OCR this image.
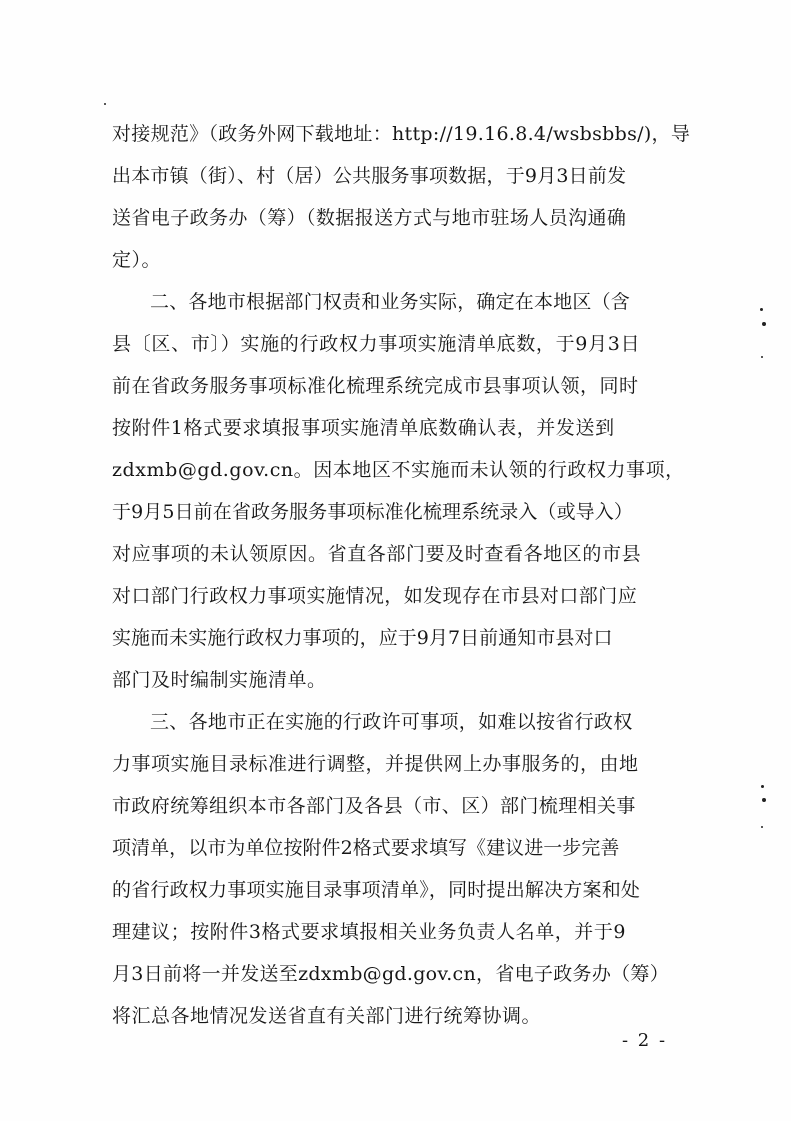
对接规范》（政务外网下载地址：http://19.16.8.4/wsbsbbs/)，导
出本市镇（街）、村（居）公共服务事项数据，于9月3日前发
送省电子政务办（筹）（数据报送方式与地市驻场人员沟通确
定）。
二、各地市根据部门权责和业务实际，确定在本地区（含
县〔区、市〕）实施的行政权力事项实施清单底数，于9月3日
前在省政务服务事项标准化梳理系统完成市县事项认领，同时
按附件1格式要求填报事项实施清单底数确认表，并发送到
zdxmb@gd.gov.cn。因本地区不实施而未认领的行政权力事项，
于9月5日前在省政务服务事项标准化梳理系统录入（或导入）
对应事项的未认领原因。省直各部门要及时查看各地区的市县
对口部门行政权力事项实施情况，如发现存在市县对口部门应
实施而未实施行政权力事项的，应于9月7日前通知市县对口
部门及时编制实施清单。
三、各地市正在实施的行政许可事项，如难以按省行政权
力事项实施目录标准进行调整，并提供网上办事服务的，由地
市政府统筹组织本市各部门及各县（市、区）部门梳理相关事
项清单，以市为单位按附件2格式要求填写《建议进一步完善
的省行政权力事项实施目录事项清单》，同时提出解决方案和处
理建议；按附件3格式要求填报相关业务负责人名单，并于9
月3日前将一并发送至zdxmb@gd.gov.cn，省电子政务办（筹）
将汇总各地情况发送省直有关部门进行统筹协调。
- 2 -
